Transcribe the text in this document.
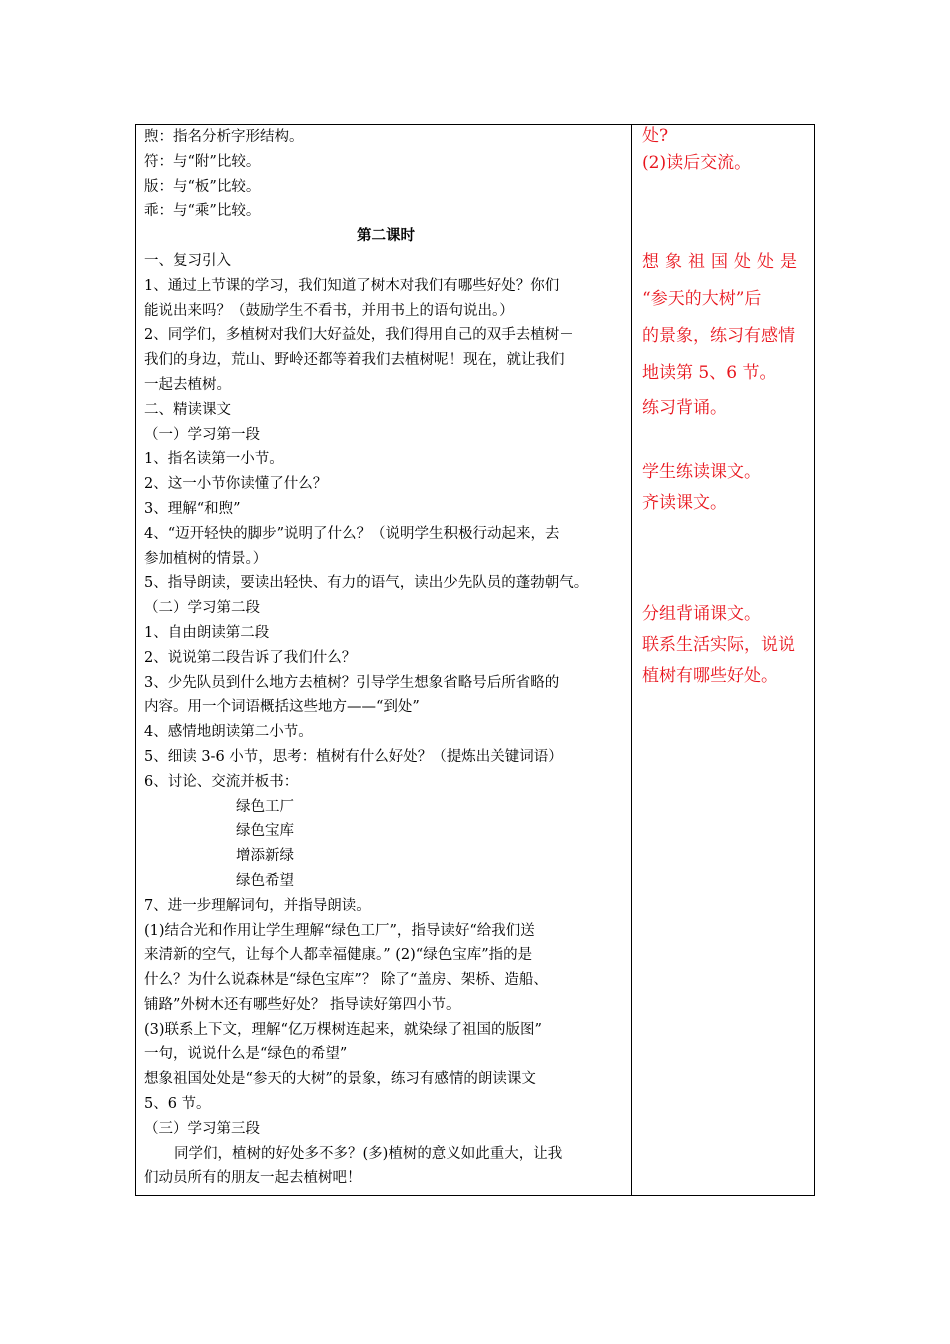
煦：指名分析字形结构。
符：与“附”比较。
版：与“板”比较。
乖：与“乘”比较。
第二课时
一、复习引入
1、通过上节课的学习，我们知道了树木对我们有哪些好处？你们
能说出来吗？（鼓励学生不看书，并用书上的语句说出。）
2、同学们，多植树对我们大好益处，我们得用自己的双手去植树－
我们的身边，荒山、野岭还都等着我们去植树呢！现在，就让我们
一起去植树。
二、精读课文
（一）学习第一段
1、指名读第一小节。
2、这一小节你读懂了什么？
3、理解“和煦”
4、“迈开轻快的脚步”说明了什么？（说明学生积极行动起来，去
参加植树的情景。）
5、指导朗读，要读出轻快、有力的语气，读出少先队员的蓬勃朝气。
（二）学习第二段
1、自由朗读第二段
2、说说第二段告诉了我们什么？
3、少先队员到什么地方去植树？引导学生想象省略号后所省略的
内容。用一个词语概括这些地方——“到处”
4、感情地朗读第二小节。
5、细读 3-6 小节，思考：植树有什么好处？（提炼出关键词语）
6、讨论、交流并板书：
绿色工厂
绿色宝库
增添新绿
绿色希望
7、进一步理解词句，并指导朗读。
(1)结合光和作用让学生理解“绿色工厂”，指导读好“给我们送
来清新的空气，让每个人都幸福健康。” (2)“绿色宝库”指的是
什么？为什么说森林是“绿色宝库”？ 除了“盖房、架桥、造船、
铺路”外树木还有哪些好处？ 指导读好第四小节。
(3)联系上下文，理解“亿万棵树连起来，就染绿了祖国的版图”
一句，说说什么是“绿色的希望”
想象祖国处处是“参天的大树”的景象，练习有感情的朗读课文
5、6 节。
（三）学习第三段
同学们，植树的好处多不多？(多)植树的意义如此重大，让我
们动员所有的朋友一起去植树吧！
处?
(2)读后交流。
想象祖国处处是
“参天的大树”后
的景象，练习有感情
地读第 5、6 节。
练习背诵。
学生练读课文。
齐读课文。
分组背诵课文。
联系生活实际，说说
植树有哪些好处。
